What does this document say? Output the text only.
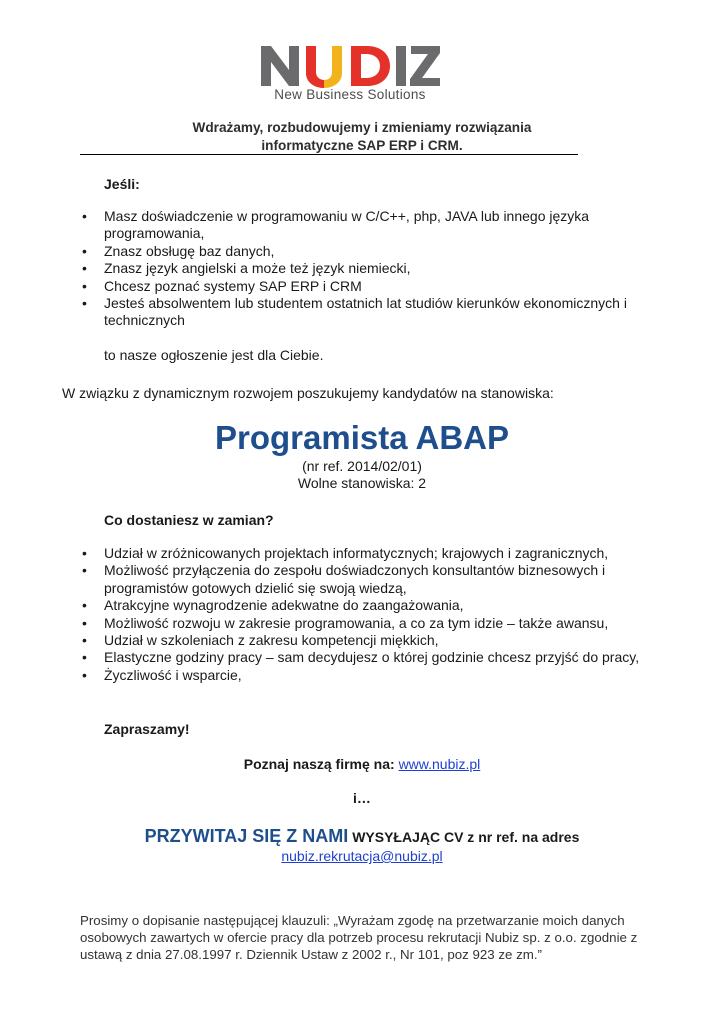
New Business Solutions
Wdrażamy, rozbudowujemy i zmieniamy rozwiązania
informatyczne SAP ERP i CRM.
Jeśli:
• Masz doświadczenie w programowaniu w C/C++, php, JAVA lub innego języka programowania,
• Znasz obsługę baz danych,
• Znasz język angielski a może też język niemiecki,
• Chcesz poznać systemy SAP ERP i CRM
• Jesteś absolwentem lub studentem ostatnich lat studiów kierunków ekonomicznych i technicznych
to nasze ogłoszenie jest dla Ciebie.
W związku z dynamicznym rozwojem poszukujemy kandydatów na stanowiska:
Programista ABAP
(nr ref. 2014/02/01)
Wolne stanowiska: 2
Co dostaniesz w zamian?
• Udział w zróżnicowanych projektach informatycznych; krajowych i zagranicznych,
• Możliwość przyłączenia do zespołu doświadczonych konsultantów biznesowych i programistów gotowych dzielić się swoją wiedzą,
• Atrakcyjne wynagrodzenie adekwatne do zaangażowania,
• Możliwość rozwoju w zakresie programowania, a co za tym idzie – także awansu,
• Udział w szkoleniach z zakresu kompetencji miękkich,
• Elastyczne godziny pracy – sam decydujesz o której godzinie chcesz przyjść do pracy,
• Życzliwość i wsparcie,
Zapraszamy!
Poznaj naszą firmę na: www.nubiz.pl
i…
PRZYWITAJ SIĘ Z NAMI WYSYŁAJĄC CV z nr ref. na adres
nubiz.rekrutacja@nubiz.pl
Prosimy o dopisanie następującej klauzuli: „Wyrażam zgodę na przetwarzanie moich danych osobowych zawartych w ofercie pracy dla potrzeb procesu rekrutacji Nubiz sp. z o.o. zgodnie z ustawą z dnia 27.08.1997 r. Dziennik Ustaw z 2002 r., Nr 101, poz 923 ze zm.”
